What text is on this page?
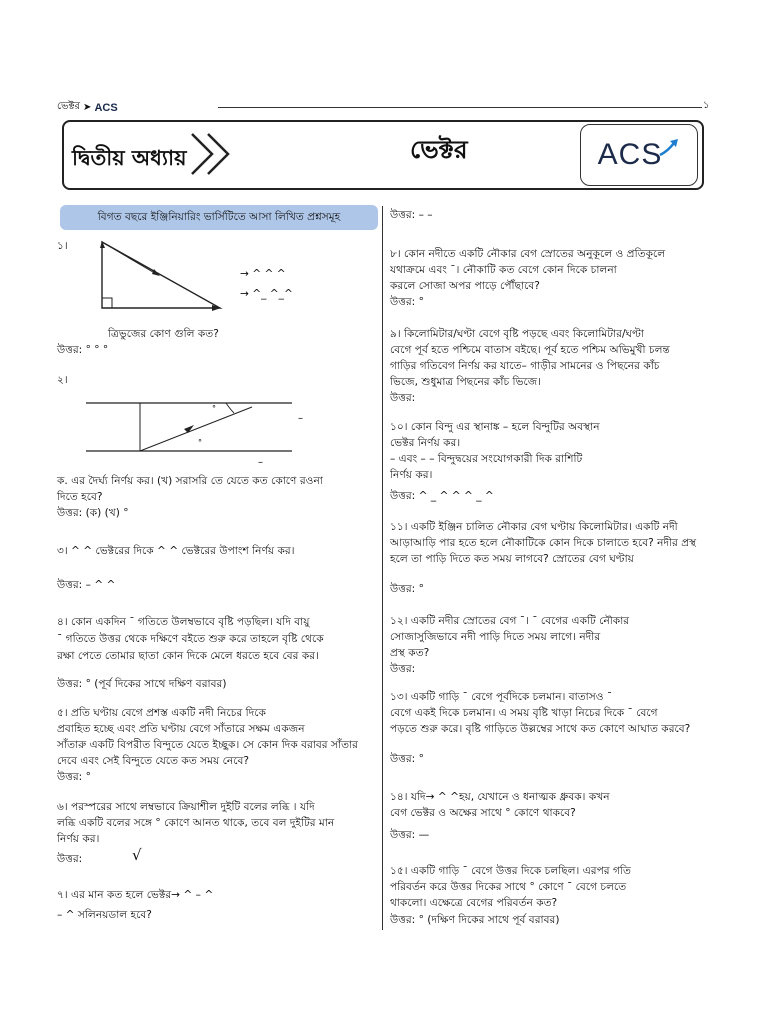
ভেক্টর ➤ ACS	১
দ্বিতীয় অধ্যায়	ভেক্টর	ACS
বিগত বছরে ইঞ্জিনিয়ারিং ভার্সিটিতে আসা লিখিত প্রশ্নসমূহ
১।
→ ^ ^ ^
→ ^_ ^_^
ত্রিভুজের কোণ গুলি কত?
উত্তর: ° ° °
২।
°
°
–
–
ক. এর দৈর্ঘ্য নির্ণয় কর। (খ) সরাসরি তে যেতে কত কোণে রওনা
দিতে হবে?
উত্তর: (ক) (খ) °
৩। ^ ^ ভেক্টরের দিকে ^ ^ ভেক্টরের উপাংশ নির্ণয় কর।
উত্তর: – ^ ^
৪। কোন একদিন ¯ গতিতে উলম্বভাবে বৃষ্টি পড়ছিল। যদি বায়ু
¯ গতিতে উত্তর থেকে দক্ষিণে বইতে শুরু করে তাহলে বৃষ্টি থেকে
রক্ষা পেতে তোমার ছাতা কোন দিকে মেলে ধরতে হবে বের কর।
উত্তর: ° (পূর্ব দিকের সাথে দক্ষিণ বরাবর)
৫। প্রতি ঘণ্টায় বেগে প্রশস্ত একটি নদী নিচের দিকে
প্রবাহিত হচ্ছে এবং প্রতি ঘণ্টায় বেগে সাঁতারে সক্ষম একজন
সাঁতারু একটি বিপরীত বিন্দুতে যেতে ইচ্ছুক। সে কোন দিক বরাবর সাঁতার
দেবে এবং সেই বিন্দুতে যেতে কত সময় নেবে?
উত্তর: °
৬। পরস্পরের সাথে লম্বভাবে ক্রিয়াশীল দুইটি বলের লব্ধি । যদি
লব্ধি একটি বলের সঙ্গে ° কোণে আনত থাকে, তবে বল দুইটির মান
নির্ণয় কর।
উত্তর:	√
৭। এর মান কত হলে ভেক্টর→ ^ – ^
– ^ সলিনয়ডাল হবে?
উত্তর: – –
৮। কোন নদীতে একটি নৌকার বেগ স্রোতের অনুকূলে ও প্রতিকূলে
যথাক্রমে এবং ¯। নৌকাটি কত বেগে কোন দিকে চালনা
করলে সোজা অপর পাড়ে পৌঁছাবে?
উত্তর: °
৯। কিলোমিটার/ঘণ্টা বেগে বৃষ্টি পড়ছে এবং কিলোমিটার/ঘণ্টা
বেগে পূর্ব হতে পশ্চিমে বাতাস বইছে। পূর্ব হতে পশ্চিম অভিমুখী চলন্ত
গাড়ির গতিবেগ নির্ণয় কর যাতে– গাড়ীর সামনের ও পিছনের কাঁচ
ভিজে, শুধুমাত্র পিছনের কাঁচ ভিজে।
উত্তর:
১০। কোন বিন্দু এর স্থানাঙ্ক – হলে বিন্দুটির অবস্থান
ভেক্টর নির্ণয় কর।
– এবং – – বিন্দুদ্বয়ের সংযোগকারী দিক রাশিটি
নির্ণয় কর।
উত্তর: ^ _ ^ ^ ^ _ ^
১১। একটি ইঞ্জিন চালিত নৌকার বেগ ঘণ্টায় কিলোমিটার। একটি নদী
আড়াআড়ি পার হতে হলে নৌকাটিকে কোন দিকে চালাতে হবে? নদীর প্রস্থ
হলে তা পাড়ি দিতে কত সময় লাগবে? স্রোতের বেগ ঘণ্টায়
উত্তর: °
১২। একটি নদীর স্রোতের বেগ ¯। ¯ বেগের একটি নৌকার
সোজাসুজিভাবে নদী পাড়ি দিতে সময় লাগে। নদীর
প্রস্থ কত?
উত্তর:
১৩। একটি গাড়ি ¯ বেগে পূর্বদিকে চলমান। বাতাসও ¯
বেগে একই দিকে চলমান। এ সময় বৃষ্টি খাড়া নিচের দিকে ¯ বেগে
পড়তে শুরু করে। বৃষ্টি গাড়িতে উল্লম্বের সাথে কত কোণে আঘাত করবে?
উত্তর: °
১৪। যদি→ ^ ^হয়, যেখানে ও ধনাত্মক ধ্রুবক। কখন
বেগ ভেক্টর ও অক্ষের সাথে ° কোণে থাকবে?
উত্তর: —
১৫। একটি গাড়ি ¯ বেগে উত্তর দিকে চলছিল। এরপর গতি
পরিবর্তন করে উত্তর দিকের সাথে ° কোণে ¯ বেগে চলতে
থাকলো। এক্ষেত্রে বেগের পরিবর্তন কত?
উত্তর: ° (দক্ষিণ দিকের সাথে পূর্ব বরাবর)
